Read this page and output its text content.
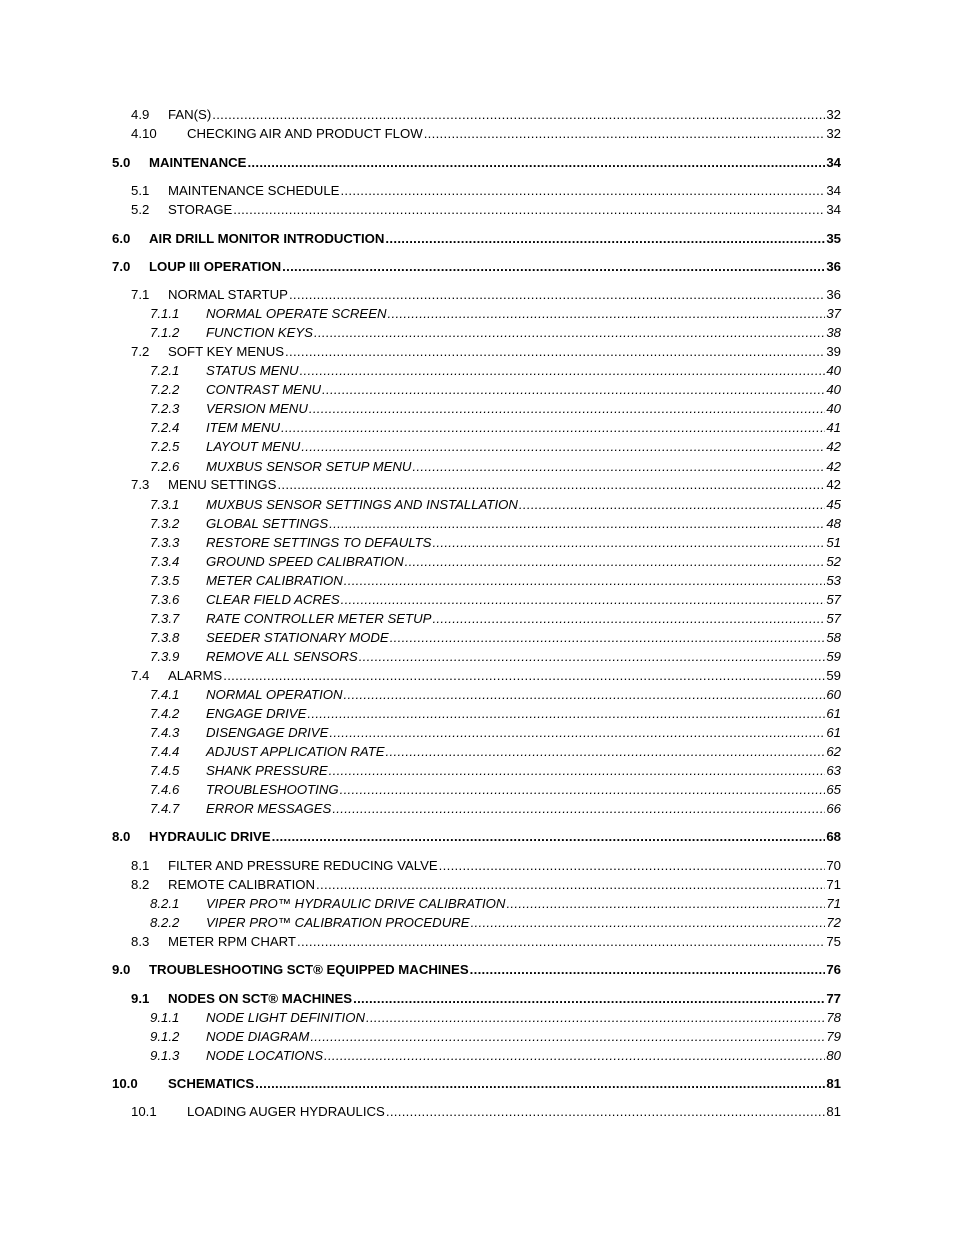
4.9	FAN(S) .....	32
4.10	CHECKING AIR AND PRODUCT FLOW .....	32
5.0	MAINTENANCE .....	34
5.1	MAINTENANCE SCHEDULE .....	34
5.2	STORAGE .....	34
6.0	AIR DRILL MONITOR INTRODUCTION .....	35
7.0	LOUP III OPERATION .....	36
7.1	NORMAL STARTUP .....	36
7.1.1	NORMAL OPERATE SCREEN .....	37
7.1.2	FUNCTION KEYS .....	38
7.2	SOFT KEY MENUS .....	39
7.2.1	STATUS MENU .....	40
7.2.2	CONTRAST MENU .....	40
7.2.3	VERSION MENU .....	40
7.2.4	ITEM MENU .....	41
7.2.5	LAYOUT MENU .....	42
7.2.6	MUXBUS SENSOR SETUP MENU .....	42
7.3	MENU SETTINGS .....	42
7.3.1	MUXBUS SENSOR SETTINGS AND INSTALLATION .....	45
7.3.2	GLOBAL SETTINGS .....	48
7.3.3	RESTORE SETTINGS TO DEFAULTS .....	51
7.3.4	GROUND SPEED CALIBRATION .....	52
7.3.5	METER CALIBRATION .....	53
7.3.6	CLEAR FIELD ACRES .....	57
7.3.7	RATE CONTROLLER METER SETUP .....	57
7.3.8	SEEDER STATIONARY MODE .....	58
7.3.9	REMOVE ALL SENSORS .....	59
7.4	ALARMS .....	59
7.4.1	NORMAL OPERATION .....	60
7.4.2	ENGAGE DRIVE .....	61
7.4.3	DISENGAGE DRIVE .....	61
7.4.4	ADJUST APPLICATION RATE .....	62
7.4.5	SHANK PRESSURE .....	63
7.4.6	TROUBLESHOOTING .....	65
7.4.7	ERROR MESSAGES .....	66
8.0	HYDRAULIC DRIVE .....	68
8.1	FILTER AND PRESSURE REDUCING VALVE .....	70
8.2	REMOTE CALIBRATION .....	71
8.2.1	VIPER PRO™ HYDRAULIC DRIVE CALIBRATION .....	71
8.2.2	VIPER PRO™ CALIBRATION PROCEDURE .....	72
8.3	METER RPM CHART .....	75
9.0	TROUBLESHOOTING SCT® EQUIPPED MACHINES .....	76
9.1	NODES ON SCT® MACHINES .....	77
9.1.1	NODE LIGHT DEFINITION .....	78
9.1.2	NODE DIAGRAM .....	79
9.1.3	NODE LOCATIONS .....	80
10.0	SCHEMATICS .....	81
10.1	LOADING AUGER HYDRAULICS .....	81
